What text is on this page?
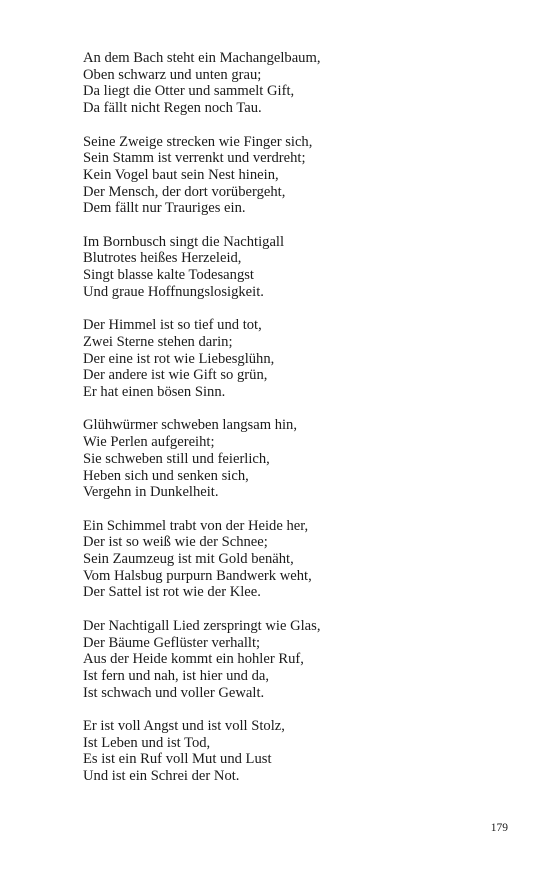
An dem Bach steht ein Machangelbaum,
Oben schwarz und unten grau;
Da liegt die Otter und sammelt Gift,
Da fällt nicht Regen noch Tau.
Seine Zweige strecken wie Finger sich,
Sein Stamm ist verrenkt und verdreht;
Kein Vogel baut sein Nest hinein,
Der Mensch, der dort vorübergeht,
Dem fällt nur Trauriges ein.
Im Bornbusch singt die Nachtigall
Blutrotes heißes Herzeleid,
Singt blasse kalte Todesangst
Und graue Hoffnungslosigkeit.
Der Himmel ist so tief und tot,
Zwei Sterne stehen darin;
Der eine ist rot wie Liebesglühn,
Der andere ist wie Gift so grün,
Er hat einen bösen Sinn.
Glühwürmer schweben langsam hin,
Wie Perlen aufgereiht;
Sie schweben still und feierlich,
Heben sich und senken sich,
Vergehn in Dunkelheit.
Ein Schimmel trabt von der Heide her,
Der ist so weiß wie der Schnee;
Sein Zaumzeug ist mit Gold benäht,
Vom Halsbug purpurn Bandwerk weht,
Der Sattel ist rot wie der Klee.
Der Nachtigall Lied zerspringt wie Glas,
Der Bäume Geflüster verhallt;
Aus der Heide kommt ein hohler Ruf,
Ist fern und nah, ist hier und da,
Ist schwach und voller Gewalt.
Er ist voll Angst und ist voll Stolz,
Ist Leben und ist Tod,
Es ist ein Ruf voll Mut und Lust
Und ist ein Schrei der Not.
179
